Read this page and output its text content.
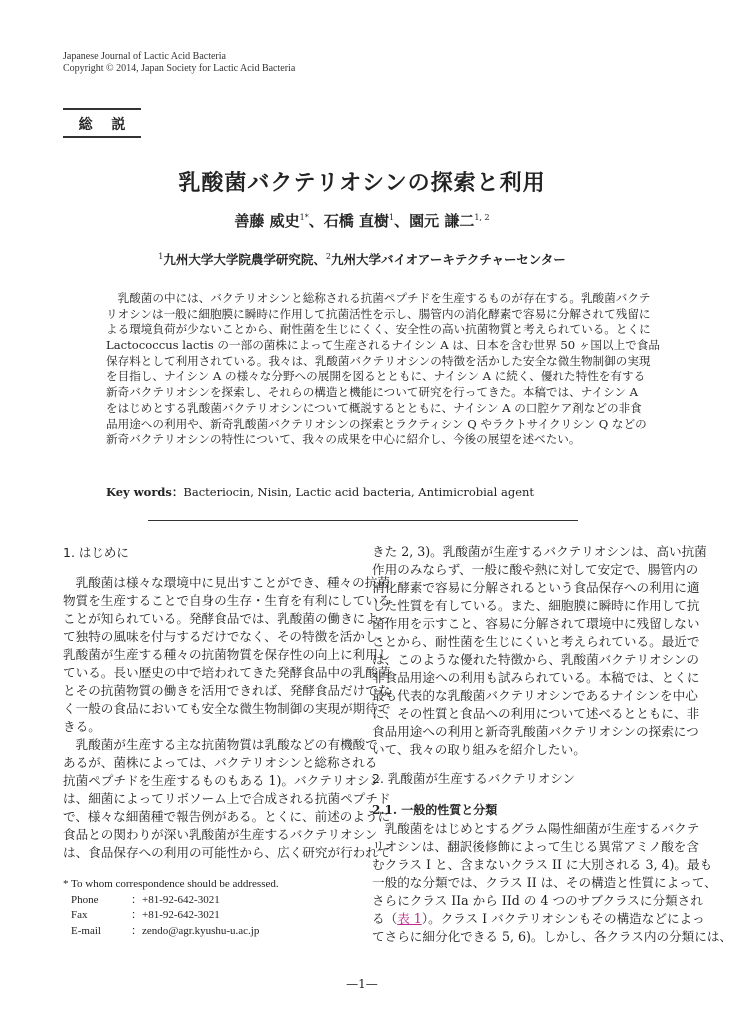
Japanese Journal of Lactic Acid Bacteria
Copyright © 2014, Japan Society for Lactic Acid Bacteria
総　 説
乳酸菌バクテリオシンの探索と利用
善藤 威史$^{1*}$、石橋 直樹$^1$、園元 謙二$^{1, 2}$
$^1$九州大学大学院農学研究院、$^2$九州大学バイオアーキテクチャーセンター
　乳酸菌の中には、バクテリオシンと総称される抗菌ペプチドを生産するものが存在する。乳酸菌バクテ
リオシンは一般に細胞膜に瞬時に作用して抗菌活性を示し、腸管内の消化酵素で容易に分解されて残留に
よる環境負荷が少ないことから、耐性菌を生じにくく、安全性の高い抗菌物質と考えられている。とくに
Lactococcus lactis の一部の菌株によって生産されるナイシン A は、日本を含む世界 50 ヶ国以上で食品
保存料として利用されている。我々は、乳酸菌バクテリオシンの特徴を活かした安全な微生物制御の実現
を目指し、ナイシン A の様々な分野への展開を図るとともに、ナイシン A に続く、優れた特性を有する
新奇バクテリオシンを探索し、それらの構造と機能について研究を行ってきた。本稿では、ナイシン A
をはじめとする乳酸菌バクテリオシンについて概説するとともに、ナイシン A の口腔ケア剤などの非食
品用途への利用や、新奇乳酸菌バクテリオシンの探索とラクティシン Q やラクトサイクリシン Q などの
新奇バクテリオシンの特性について、我々の成果を中心に紹介し、今後の展望を述べたい。
Key words：Bacteriocin, Nisin, Lactic acid bacteria, Antimicrobial agent
1. はじめに
　乳酸菌は様々な環境中に見出すことができ、種々の抗菌
物質を生産することで自身の生存・生育を有利にしている
ことが知られている。発酵食品では、乳酸菌の働きによっ
て独特の風味を付与するだけでなく、その特徴を活かし、
乳酸菌が生産する種々の抗菌物質を保存性の向上に利用し
ている。長い歴史の中で培われてきた発酵食品中の乳酸菌
とその抗菌物質の働きを活用できれば、発酵食品だけでな
く一般の食品においても安全な微生物制御の実現が期待で
きる。
　乳酸菌が生産する主な抗菌物質は乳酸などの有機酸で
あるが、菌株によっては、バクテリオシンと総称される
抗菌ペプチドを生産するものもある 1)。バクテリオシン
は、細菌によってリボソーム上で合成される抗菌ペプチド
で、様々な細菌種で報告例がある。とくに、前述のように
食品との関わりが深い乳酸菌が生産するバクテリオシン
は、食品保存への利用の可能性から、広く研究が行われて
* To whom correspondence should be addressed.
Phone	：+81-92-642-3021
Fax	：+81-92-642-3021
E-mail	：zendo@agr.kyushu-u.ac.jp
きた 2, 3)。乳酸菌が生産するバクテリオシンは、高い抗菌
作用のみならず、一般に酸や熱に対して安定で、腸管内の
消化酵素で容易に分解されるという食品保存への利用に適
した性質を有している。また、細胞膜に瞬時に作用して抗
菌作用を示すこと、容易に分解されて環境中に残留しない
ことから、耐性菌を生じにくいと考えられている。最近で
は、このような優れた特徴から、乳酸菌バクテリオシンの
非食品用途への利用も試みられている。本稿では、とくに
最も代表的な乳酸菌バクテリオシンであるナイシンを中心
に、その性質と食品への利用について述べるとともに、非
食品用途への利用と新奇乳酸菌バクテリオシンの探索につ
いて、我々の取り組みを紹介したい。
2. 乳酸菌が生産するバクテリオシン
2.1. 一般的性質と分類
　乳酸菌をはじめとするグラム陽性細菌が生産するバクテ
リオシンは、翻訳後修飾によって生じる異常アミノ酸を含
むクラス I と、含まないクラス II に大別される 3, 4)。最も
一般的な分類では、クラス II は、その構造と性質によって、
さらにクラス IIa から IId の 4 つのサブクラスに分類され
る（表 1）。クラス I バクテリオシンもその構造などによっ
てさらに細分化できる 5, 6)。しかし、各クラス内の分類には、
—1—
